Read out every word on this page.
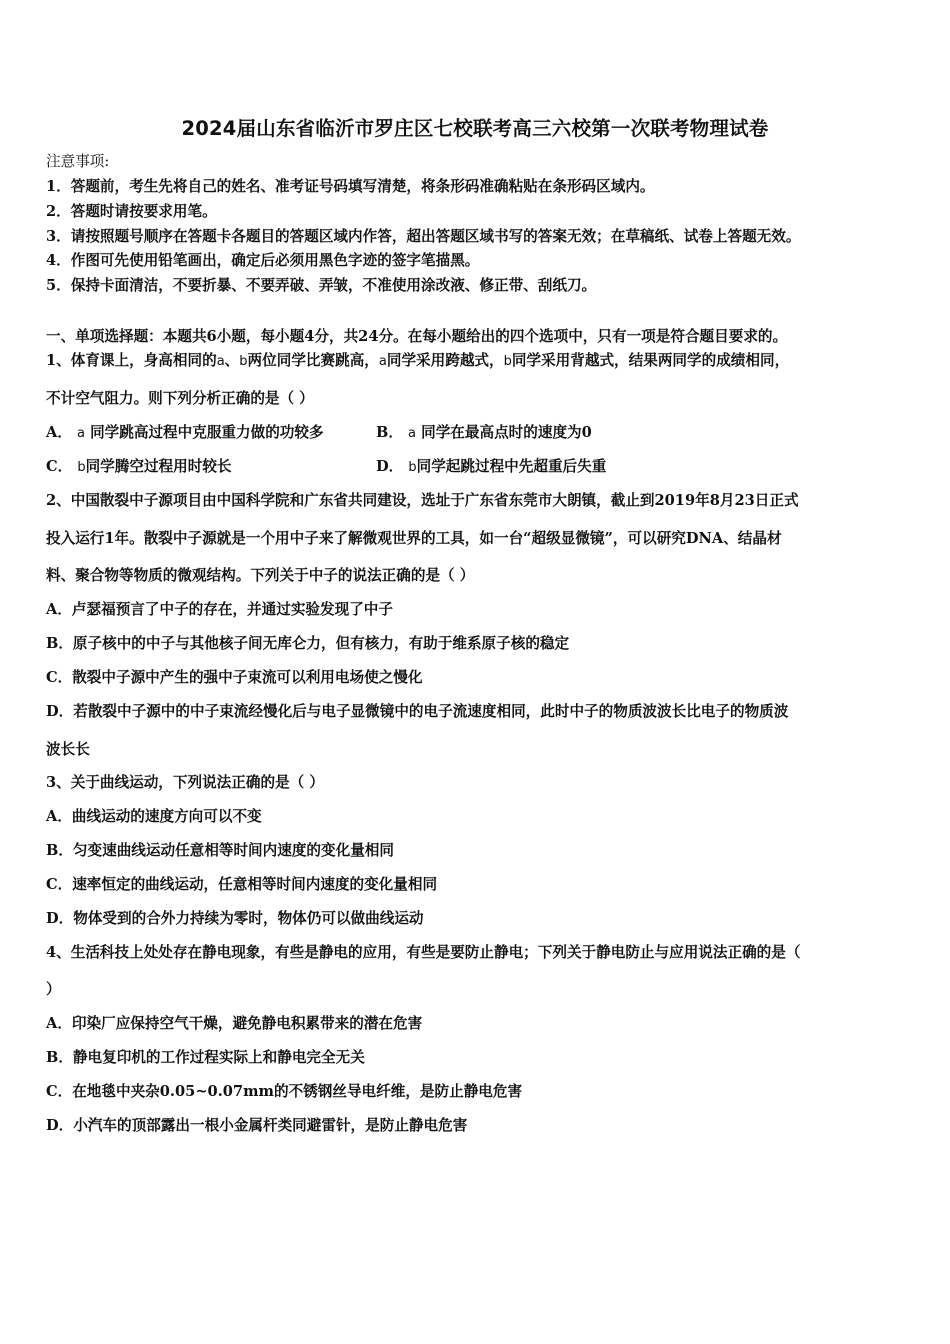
2024届山东省临沂市罗庄区七校联考高三六校第一次联考物理试卷
注意事项:
1．答题前，考生先将自己的姓名、准考证号码填写清楚，将条形码准确粘贴在条形码区域内。
2．答题时请按要求用笔。
3．请按照题号顺序在答题卡各题目的答题区域内作答，超出答题区域书写的答案无效；在草稿纸、试卷上答题无效。
4．作图可先使用铅笔画出，确定后必须用黑色字迹的签字笔描黑。
5．保持卡面清洁，不要折暴、不要弄破、弄皱，不准使用涂改液、修正带、刮纸刀。
一、单项选择题：本题共6小题，每小题4分，共24分。在每小题给出的四个选项中，只有一项是符合题目要求的。
1、体育课上，身高相同的a、b两位同学比赛跳高，a同学采用跨越式，b同学采用背越式，结果两同学的成绩相同，
不计空气阻力。则下列分析正确的是（ ）
A． a 同学跳高过程中克服重力做的功较多	B． a 同学在最高点时的速度为0
C． b同学腾空过程用时较长	D． b同学起跳过程中先超重后失重
2、中国散裂中子源项目由中国科学院和广东省共同建设，选址于广东省东莞市大朗镇，截止到2019年8月23日正式
投入运行1年。散裂中子源就是一个用中子来了解微观世界的工具，如一台“超级显微镜”，可以研究DNA、结晶材
料、聚合物等物质的微观结构。下列关于中子的说法正确的是（ ）
A．卢瑟福预言了中子的存在，并通过实验发现了中子
B．原子核中的中子与其他核子间无库仑力，但有核力，有助于维系原子核的稳定
C．散裂中子源中产生的强中子束流可以利用电场使之慢化
D．若散裂中子源中的中子束流经慢化后与电子显微镜中的电子流速度相同，此时中子的物质波波长比电子的物质波
波长长
3、关于曲线运动，下列说法正确的是（ ）
A．曲线运动的速度方向可以不变
B．匀变速曲线运动任意相等时间内速度的变化量相同
C．速率恒定的曲线运动，任意相等时间内速度的变化量相同
D．物体受到的合外力持续为零时，物体仍可以做曲线运动
4、生活科技上处处存在静电现象，有些是静电的应用，有些是要防止静电；下列关于静电防止与应用说法正确的是（
）
A．印染厂应保持空气干燥，避免静电积累带来的潜在危害
B．静电复印机的工作过程实际上和静电完全无关
C．在地毯中夹杂0.05~0.07mm的不锈钢丝导电纤维，是防止静电危害
D．小汽车的顶部露出一根小金属杆类同避雷针，是防止静电危害
